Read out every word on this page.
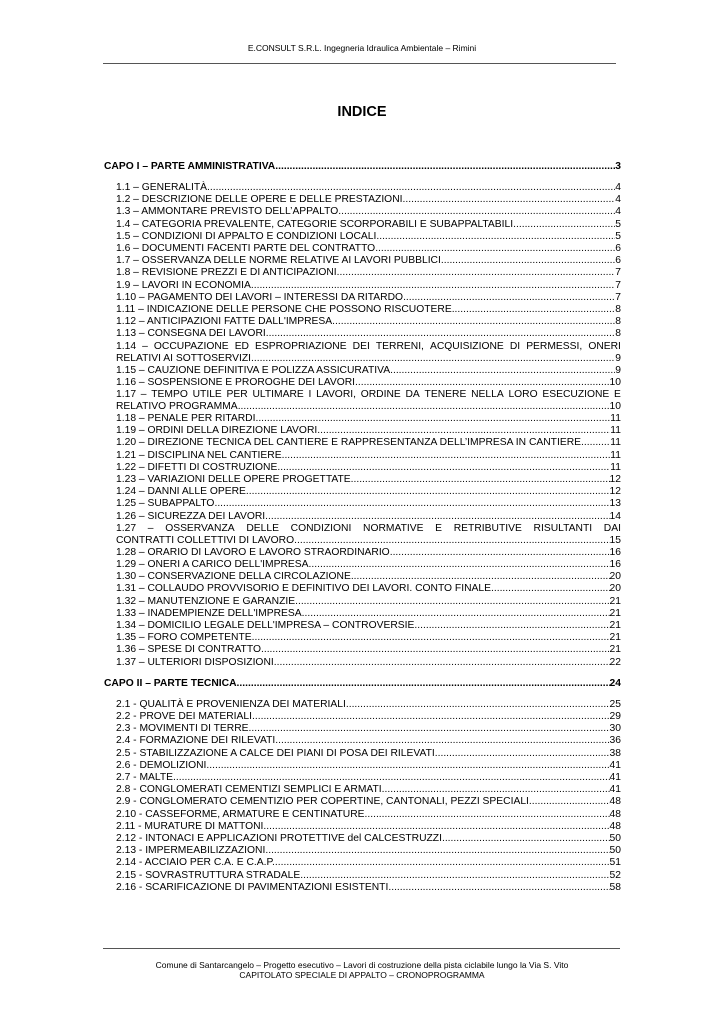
E.CONSULT S.R.L. Ingegneria Idraulica Ambientale – Rimini
INDICE
CAPO I – PARTE AMMINISTRATIVA .....	3
1.1 – GENERALITÀ .....	4
1.2 – DESCRIZIONE DELLE OPERE E DELLE PRESTAZIONI .....	4
1.3 – AMMONTARE PREVISTO DELL’APPALTO .....	4
1.4 – CATEGORIA PREVALENTE, CATEGORIE SCORPORABILI E SUBAPPALTABILI .....	5
1.5 – CONDIZIONI DI APPALTO E CONDIZIONI LOCALI .....	5
1.6 – DOCUMENTI FACENTI PARTE DEL CONTRATTO .....	6
1.7 – OSSERVANZA DELLE NORME RELATIVE AI LAVORI PUBBLICI .....	6
1.8 – REVISIONE PREZZI E DI ANTICIPAZIONI .....	7
1.9 – LAVORI IN ECONOMIA .....	7
1.10 – PAGAMENTO DEI LAVORI – INTERESSI DA RITARDO .....	7
1.11 – INDICAZIONE DELLE PERSONE CHE POSSONO RISCUOTERE .....	8
1.12 – ANTICIPAZIONI FATTE DALL'IMPRESA .....	8
1.13 – CONSEGNA DEI LAVORI .....	8
1.14 – OCCUPAZIONE ED ESPROPRIAZIONE DEI TERRENI, ACQUISIZIONE DI PERMESSI, ONERI
RELATIVI AI SOTTOSERVIZI .....	9
1.15 – CAUZIONE DEFINITIVA E POLIZZA ASSICURATIVA .....	9
1.16 – SOSPENSIONE E PROROGHE DEI LAVORI .....	10
1.17 – TEMPO UTILE PER ULTIMARE I LAVORI, ORDINE DA TENERE NELLA LORO ESECUZIONE E
RELATIVO PROGRAMMA .....	10
1.18 – PENALE PER RITARDI .....	11
1.19 – ORDINI DELLA DIREZIONE LAVORI .....	11
1.20 – DIREZIONE TECNICA DEL CANTIERE E RAPPRESENTANZA DELL’IMPRESA IN CANTIERE .....	11
1.21 – DISCIPLINA NEL CANTIERE .....	11
1.22 – DIFETTI DI COSTRUZIONE .....	11
1.23 – VARIAZIONI DELLE OPERE PROGETTATE .....	12
1.24 – DANNI ALLE OPERE .....	12
1.25 – SUBAPPALTO .....	13
1.26 – SICUREZZA DEI LAVORI .....	14
1.27 – OSSERVANZA DELLE CONDIZIONI NORMATIVE E RETRIBUTIVE RISULTANTI DAI
CONTRATTI COLLETTIVI DI LAVORO .....	15
1.28 – ORARIO DI LAVORO E LAVORO STRAORDINARIO .....	16
1.29 – ONERI A CARICO DELL'IMPRESA .....	16
1.30 – CONSERVAZIONE DELLA CIRCOLAZIONE .....	20
1.31 – COLLAUDO PROVVISORIO E DEFINITIVO DEI LAVORI. CONTO FINALE .....	20
1.32 – MANUTENZIONE E GARANZIE .....	21
1.33 – INADEMPIENZE DELL'IMPRESA .....	21
1.34 – DOMICILIO LEGALE DELL'IMPRESA – CONTROVERSIE .....	21
1.35 – FORO COMPETENTE .....	21
1.36 – SPESE DI CONTRATTO .....	21
1.37 – ULTERIORI DISPOSIZIONI .....	22
CAPO II – PARTE TECNICA .....	24
2.1 - QUALITÀ E PROVENIENZA DEI MATERIALI .....	25
2.2 - PROVE DEI MATERIALI .....	29
2.3 - MOVIMENTI DI TERRE .....	30
2.4 - FORMAZIONE DEI RILEVATI .....	36
2.5 - STABILIZZAZIONE A CALCE DEI PIANI DI POSA DEI RILEVATI .....	38
2.6 - DEMOLIZIONI .....	41
2.7 - MALTE .....	41
2.8 - CONGLOMERATI CEMENTIZI SEMPLICI E ARMATI .....	41
2.9 - CONGLOMERATO CEMENTIZIO PER COPERTINE, CANTONALI, PEZZI SPECIALI .....	48
2.10 - CASSEFORME, ARMATURE E CENTINATURE .....	48
2.11 - MURATURE DI MATTONI .....	48
2.12 - INTONACI E APPLICAZIONI PROTETTIVE del CALCESTRUZZI .....	50
2.13 - IMPERMEABILIZZAZIONI .....	50
2.14 - ACCIAIO PER C.A. E C.A.P. .....	51
2.15 - SOVRASTRUTTURA STRADALE .....	52
2.16 - SCARIFICAZIONE DI PAVIMENTAZIONI ESISTENTI .....	58
Comune di Santarcangelo – Progetto esecutivo – Lavori di costruzione della pista ciclabile lungo la Via S. Vito
CAPITOLATO SPECIALE DI APPALTO – CRONOPROGRAMMA
